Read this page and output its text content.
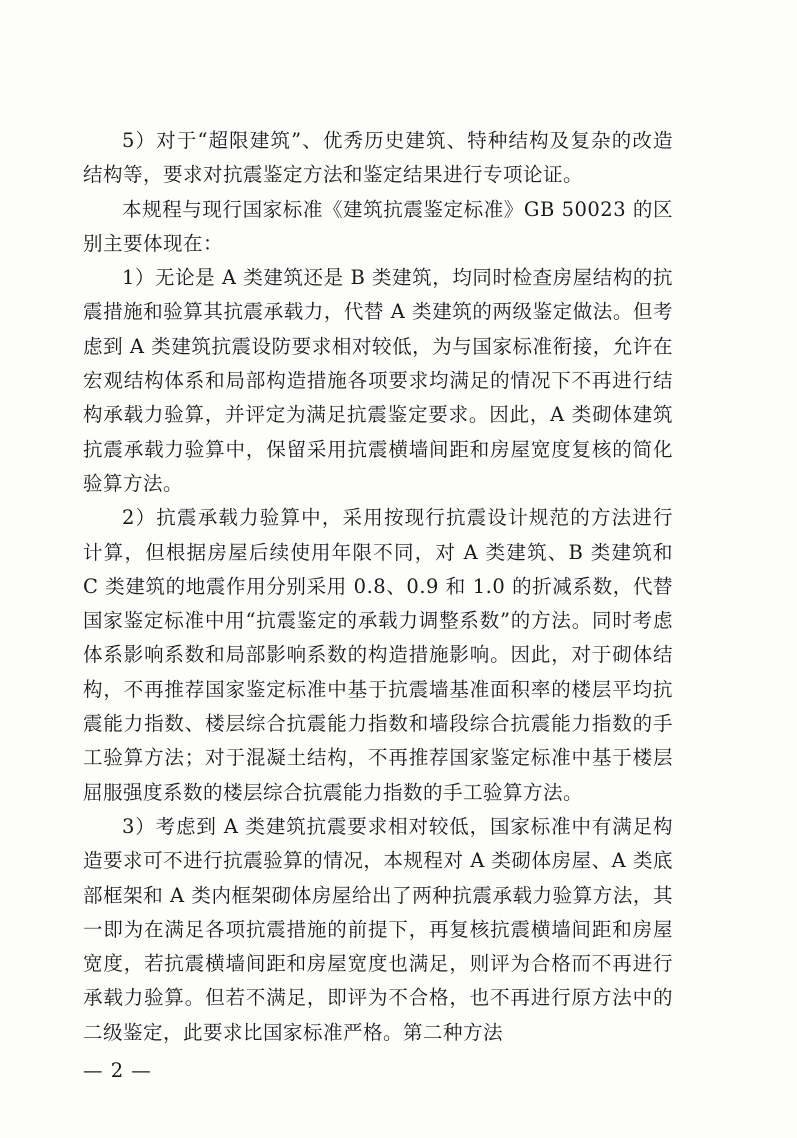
5）对于“超限建筑”、优秀历史建筑、特种结构及复杂的改造结构等，要求对抗震鉴定方法和鉴定结果进行专项论证。

本规程与现行国家标准《建筑抗震鉴定标准》GB 50023 的区别主要体现在：

1）无论是 A 类建筑还是 B 类建筑，均同时检查房屋结构的抗震措施和验算其抗震承载力，代替 A 类建筑的两级鉴定做法。但考虑到 A 类建筑抗震设防要求相对较低，为与国家标准衔接，允许在宏观结构体系和局部构造措施各项要求均满足的情况下不再进行结构承载力验算，并评定为满足抗震鉴定要求。因此，A 类砌体建筑抗震承载力验算中，保留采用抗震横墙间距和房屋宽度复核的简化验算方法。

2）抗震承载力验算中，采用按现行抗震设计规范的方法进行计算，但根据房屋后续使用年限不同，对 A 类建筑、B 类建筑和 C 类建筑的地震作用分别采用 0.8、0.9 和 1.0 的折减系数，代替国家鉴定标准中用“抗震鉴定的承载力调整系数”的方法。同时考虑体系影响系数和局部影响系数的构造措施影响。因此，对于砌体结构，不再推荐国家鉴定标准中基于抗震墙基准面积率的楼层平均抗震能力指数、楼层综合抗震能力指数和墙段综合抗震能力指数的手工验算方法；对于混凝土结构，不再推荐国家鉴定标准中基于楼层屈服强度系数的楼层综合抗震能力指数的手工验算方法。

3）考虑到 A 类建筑抗震要求相对较低，国家标准中有满足构造要求可不进行抗震验算的情况，本规程对 A 类砌体房屋、A 类底部框架和 A 类内框架砌体房屋给出了两种抗震承载力验算方法，其一即为在满足各项抗震措施的前提下，再复核抗震横墙间距和房屋宽度，若抗震横墙间距和房屋宽度也满足，则评为合格而不再进行承载力验算。但若不满足，即评为不合格，也不再进行原方法中的二级鉴定，此要求比国家标准严格。第二种方法

— 2 —
